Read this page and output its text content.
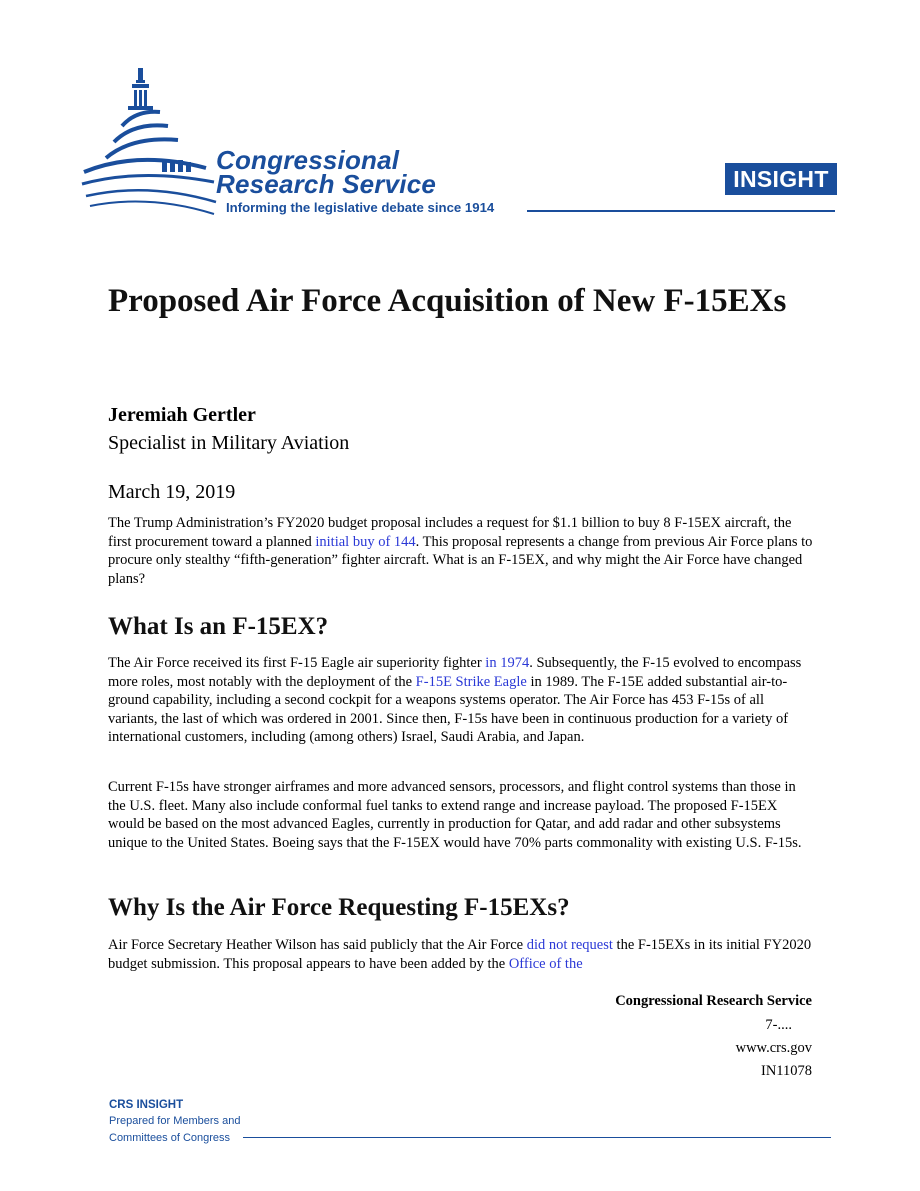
Congressional
Research Service
Informing the legislative debate since 1914
INSIGHT
Proposed Air Force Acquisition of New F-15EXs
Jeremiah Gertler
Specialist in Military Aviation
March 19, 2019

The Trump Administration’s FY2020 budget proposal includes a request for $1.1 billion to buy 8 F-15EX aircraft, the first procurement toward a planned initial buy of 144. This proposal represents a change from previous Air Force plans to procure only stealthy “fifth-generation” fighter aircraft. What is an F-15EX, and why might the Air Force have changed plans?

What Is an F-15EX?

The Air Force received its first F-15 Eagle air superiority fighter in 1974. Subsequently, the F-15 evolved to encompass more roles, most notably with the deployment of the F-15E Strike Eagle in 1989. The F-15E added substantial air-to-ground capability, including a second cockpit for a weapons systems operator. The Air Force has 453 F-15s of all variants, the last of which was ordered in 2001. Since then, F-15s have been in continuous production for a variety of international customers, including (among others) Israel, Saudi Arabia, and Japan.

Current F-15s have stronger airframes and more advanced sensors, processors, and flight control systems than those in the U.S. fleet. Many also include conformal fuel tanks to extend range and increase payload. The proposed F-15EX would be based on the most advanced Eagles, currently in production for Qatar, and add radar and other subsystems unique to the United States. Boeing says that the F-15EX would have 70% parts commonality with existing U.S. F-15s.

Why Is the Air Force Requesting F-15EXs?

Air Force Secretary Heather Wilson has said publicly that the Air Force did not request the F-15EXs in its initial FY2020 budget submission. This proposal appears to have been added by the Office of the

Congressional Research Service
7-....
www.crs.gov
IN11078
CRS INSIGHT
Prepared for Members and
Committees of Congress
